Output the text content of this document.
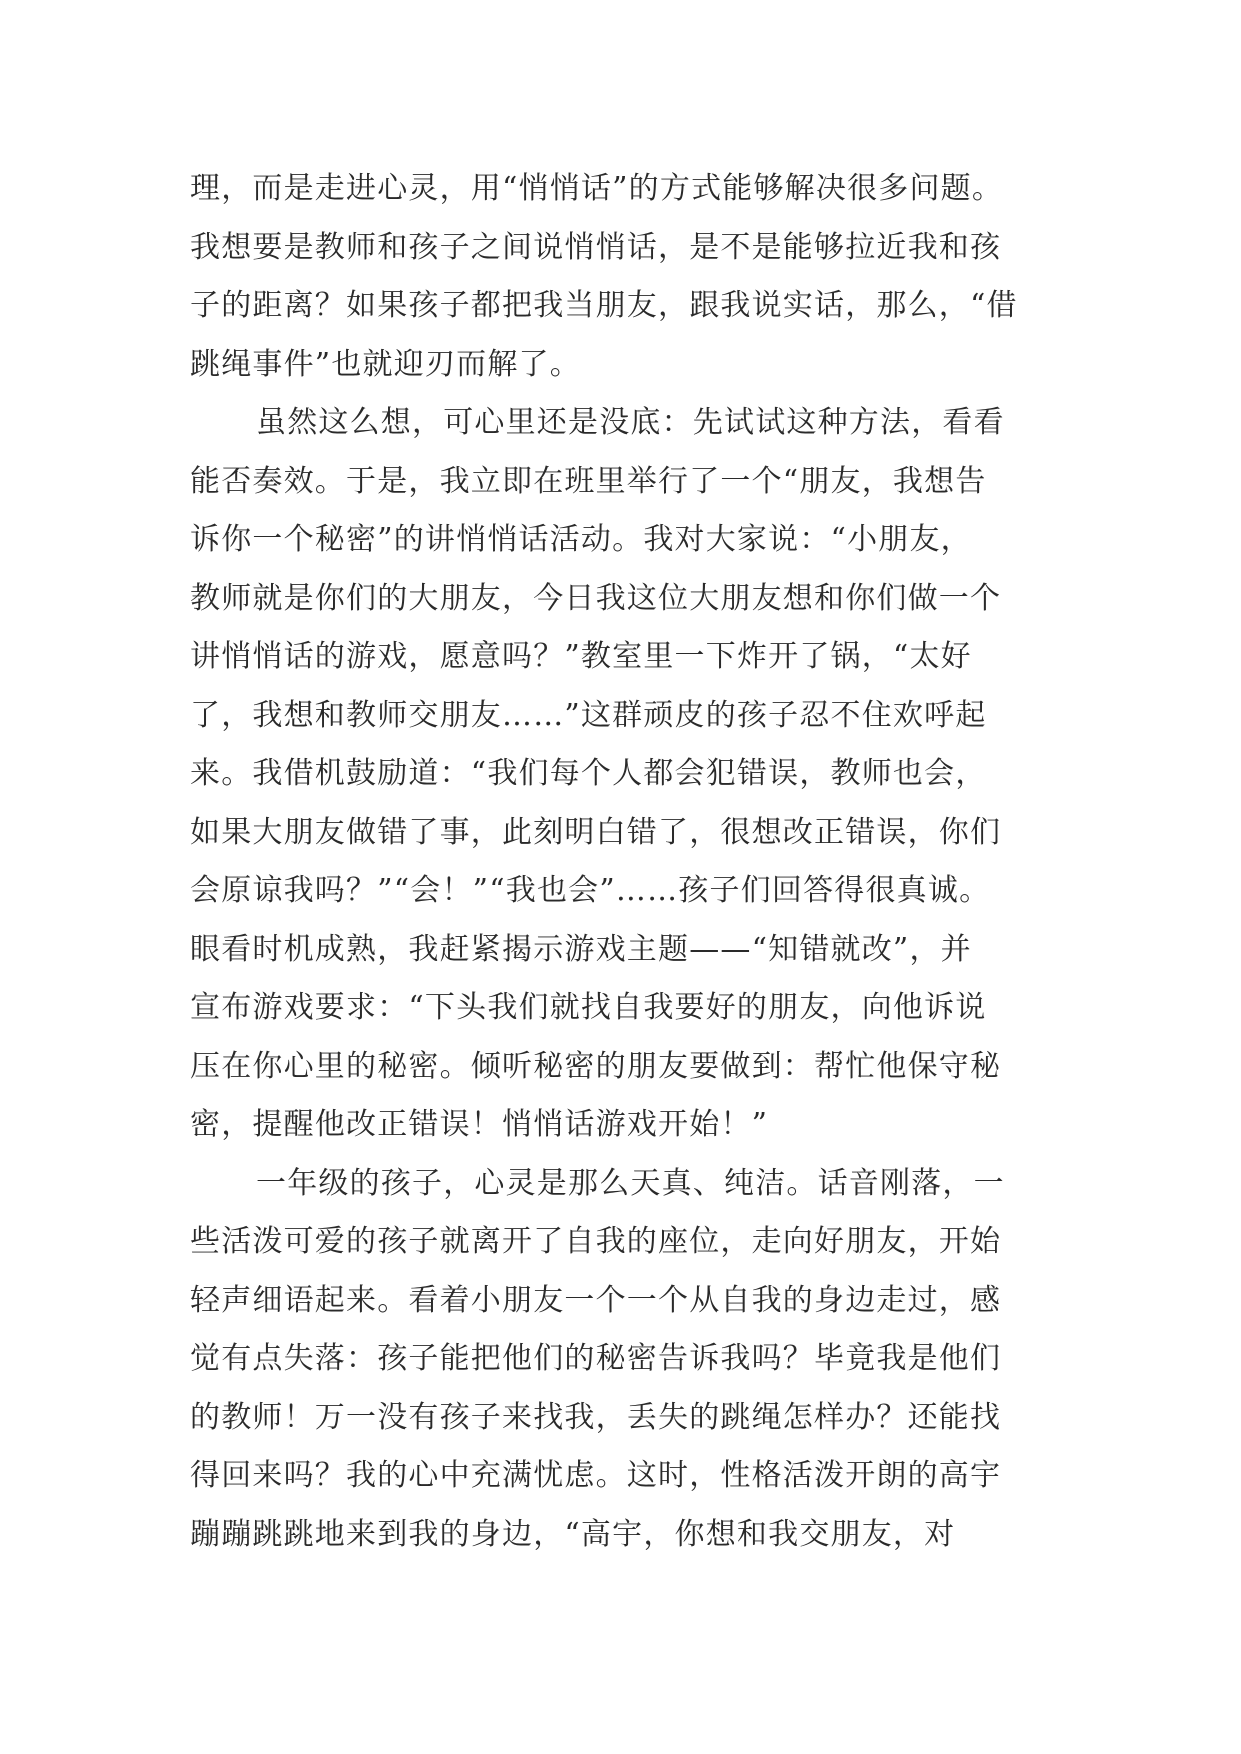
理，而是走进心灵，用“悄悄话”的方式能够解决很多问题。
我想要是教师和孩子之间说悄悄话，是不是能够拉近我和孩
子的距离？如果孩子都把我当朋友，跟我说实话，那么，“借
跳绳事件”也就迎刃而解了。
虽然这么想，可心里还是没底：先试试这种方法，看看
能否奏效。于是，我立即在班里举行了一个“朋友，我想告
诉你一个秘密”的讲悄悄话活动。我对大家说：“小朋友，
教师就是你们的大朋友，今日我这位大朋友想和你们做一个
讲悄悄话的游戏，愿意吗？”教室里一下炸开了锅，“太好
了，我想和教师交朋友……”这群顽皮的孩子忍不住欢呼起
来。我借机鼓励道：“我们每个人都会犯错误，教师也会，
如果大朋友做错了事，此刻明白错了，很想改正错误，你们
会原谅我吗？”“会！”“我也会”……孩子们回答得很真诚。
眼看时机成熟，我赶紧揭示游戏主题——“知错就改”，并
宣布游戏要求：“下头我们就找自我要好的朋友，向他诉说
压在你心里的秘密。倾听秘密的朋友要做到：帮忙他保守秘
密，提醒他改正错误！悄悄话游戏开始！”
一年级的孩子，心灵是那么天真、纯洁。话音刚落，一
些活泼可爱的孩子就离开了自我的座位，走向好朋友，开始
轻声细语起来。看着小朋友一个一个从自我的身边走过，感
觉有点失落：孩子能把他们的秘密告诉我吗？毕竟我是他们
的教师！万一没有孩子来找我，丢失的跳绳怎样办？还能找
得回来吗？我的心中充满忧虑。这时，性格活泼开朗的高宇
蹦蹦跳跳地来到我的身边，“高宇，你想和我交朋友，对
